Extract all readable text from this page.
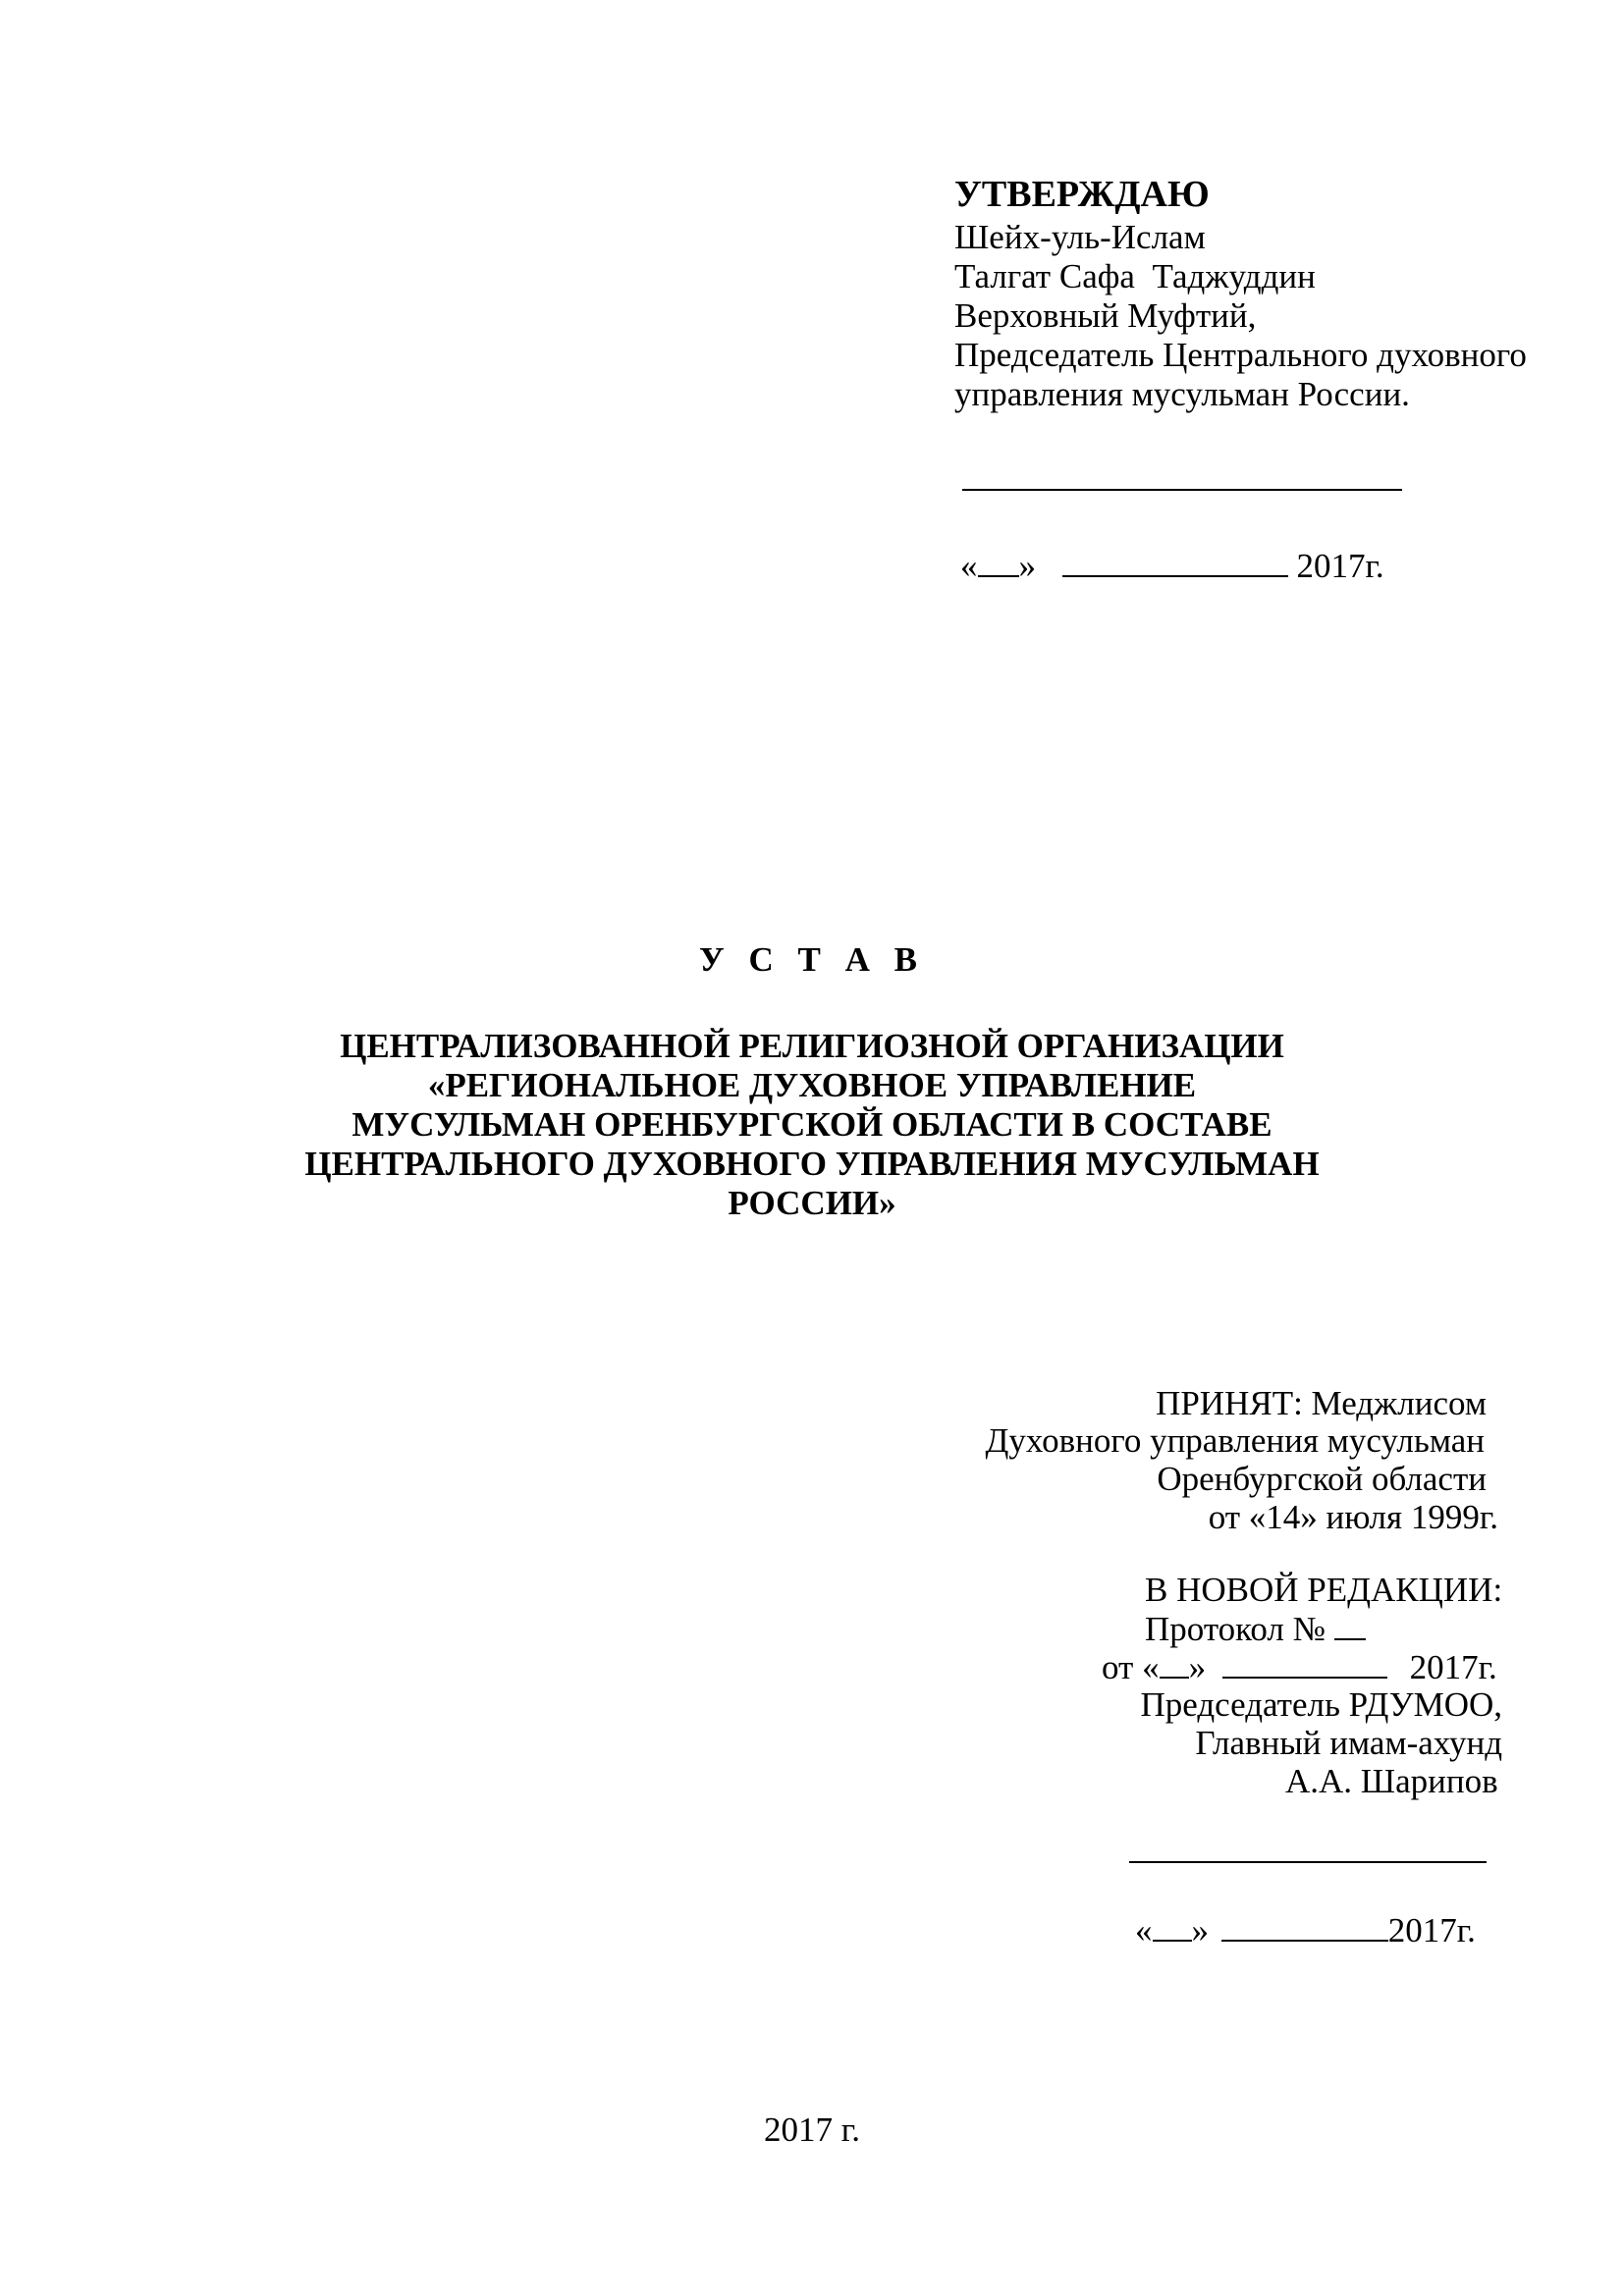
УТВЕРЖДАЮ
Шейх-уль-Ислам
Талгат Сафа  Таджуддин
Верховный Муфтий,
Председатель Центрального духовного
управления мусульман России.
« »	2017г.
У С Т А В
ЦЕНТРАЛИЗОВАННОЙ РЕЛИГИОЗНОЙ ОРГАНИЗАЦИИ
«РЕГИОНАЛЬНОЕ ДУХОВНОЕ УПРАВЛЕНИЕ
МУСУЛЬМАН ОРЕНБУРГСКОЙ ОБЛАСТИ В СОСТАВЕ
ЦЕНТРАЛЬНОГО ДУХОВНОГО УПРАВЛЕНИЯ МУСУЛЬМАН
РОССИИ»
ПРИНЯТ: Меджлисом
Духовного управления мусульман
Оренбургской области
от «14» июля 1999г.
В НОВОЙ РЕДАКЦИИ:
Протокол №
от « »	2017г.
Председатель РДУМОО,
Главный имам-ахунд
А.А. Шарипов
« »	2017г.
2017 г.
